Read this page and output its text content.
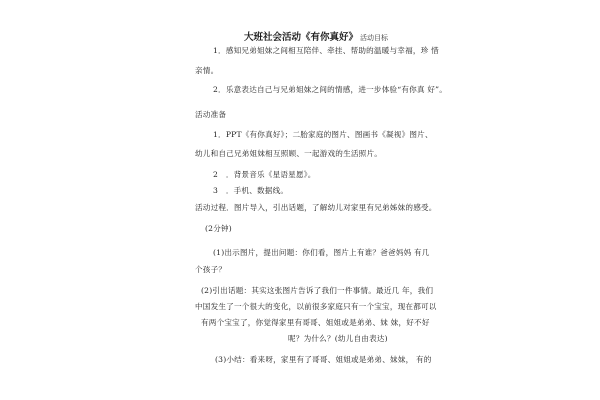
大班社会活动《有你真好》 活动目标
1．感知兄弟姐妹之间相互陪伴、牵挂、帮助的温暖与幸福，珍 惜
亲情。
2．乐意表达自己与兄弟姐妹之间的情感，进一步体验“有你真 好”。
活动准备
1．PPT《有你真好》；二胎家庭的图片、图画书《凝视》图片、
幼儿和自己兄弟姐妹相互照顾、一起游戏的生活照片。
2　．背景音乐《星语星愿》。
3　．手机、数据线。
活动过程．图片导入，引出话题，了解幼儿对家里有兄弟姊妹的感受。
(2分钟)
(1)出示图片，提出问题：你们看，图片上有谁？爸爸妈妈 有几
个孩子？
(2)引出话题：其实这张图片告诉了我们一件事情。最近几 年，我们
中国发生了一个很大的变化，以前很多家庭只有一个宝宝，现在都可以
有两个宝宝了，你觉得家里有哥哥、姐姐或是弟弟、妹 妹，好不好
呢？为什么？(幼儿自由表达)
(3)小结：看来呀，家里有了哥哥、姐姐或是弟弟、妹妹， 有的
